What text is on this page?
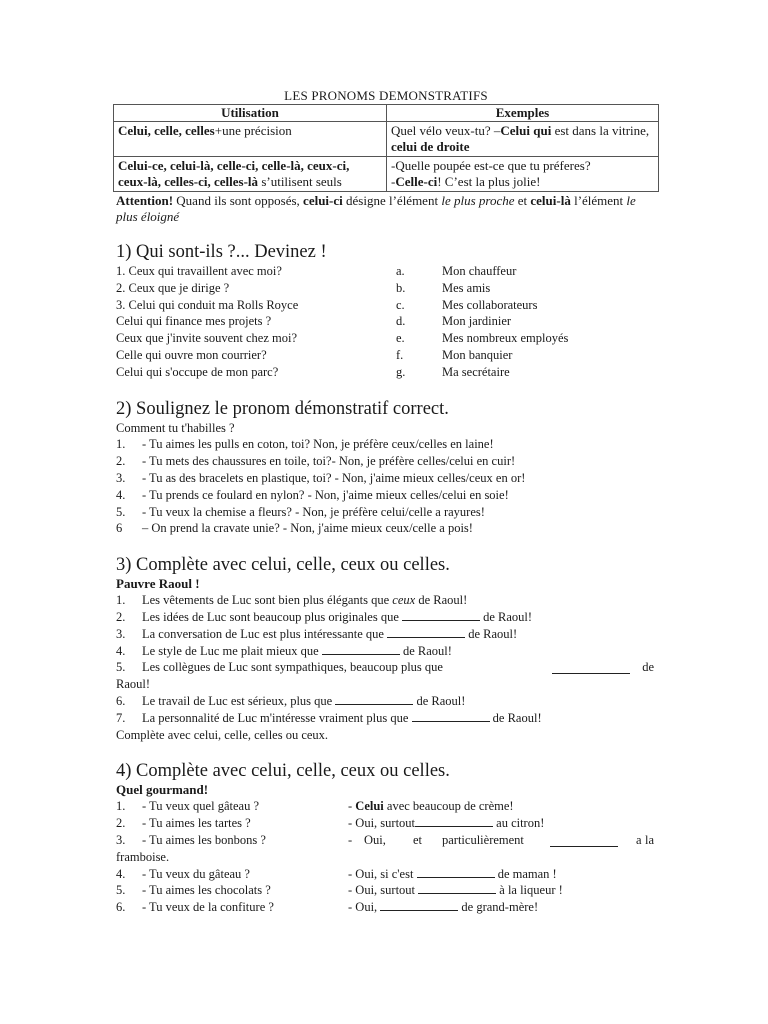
LES PRONOMS DEMONSTRATIFS
Utilisation	Exemples
Celui, celle, celles+une précision	Quel vélo veux-tu? –Celui qui est dans la vitrine, celui de droite
Celui-ce, celui-là, celle-ci, celle-là, ceux-ci, ceux-là, celles-ci, celles-là s’utilisent seuls	-Quelle poupée est-ce que tu préferes?
-Celle-ci! C’est la plus jolie!
Attention! Quand ils sont opposés, celui-ci désigne l’élément le plus proche et celui-là l’élément le plus éloigné
1) Qui sont-ils ?... Devinez !
1. Ceux qui travaillent avec moi?	a.	Mon chauffeur
2. Ceux que je dirige ?	b.	Mes amis
3. Celui qui conduit ma Rolls Royce	c.	Mes collaborateurs
Celui qui finance mes projets ?	d.	Mon jardinier
Ceux que j'invite souvent chez moi?	e.	Mes nombreux employés
Celle qui ouvre mon courrier?	f.	Mon banquier
Celui qui s'occupe de mon parc?	g.	Ma secrétaire
2) Soulignez le pronom démonstratif correct.
Comment tu t'habilles ?
1. - Tu aimes les pulls en coton, toi? Non, je préfère ceux/celles en laine!
2. - Tu mets des chaussures en toile, toi?- Non, je préfère celles/celui en cuir!
3. - Tu as des bracelets en plastique, toi? - Non, j'aime mieux celles/ceux en or!
4. - Tu prends ce foulard en nylon? - Non, j'aime mieux celles/celui en soie!
5. - Tu veux la chemise a fleurs? - Non, je préfère celui/celle a rayures!
6 – On prend la cravate unie? - Non, j'aime mieux ceux/celle a pois!
3) Complète avec celui, celle, ceux ou celles.
Pauvre Raoul !
1. Les vêtements de Luc sont bien plus élégants que ceux de Raoul!
2. Les idées de Luc sont beaucoup plus originales que	de Raoul!
3. La conversation de Luc est plus intéressante que	de Raoul!
4. Le style de Luc me plait mieux que	de Raoul!
5. Les collègues de Luc sont sympathiques, beaucoup plus que	de
Raoul!
6. Le travail de Luc est sérieux, plus que	de Raoul!
7. La personnalité de Luc m'intéresse vraiment plus que	de Raoul!
Complète avec celui, celle, celles ou ceux.
4) Complète avec celui, celle, ceux ou celles.
Quel gourmand!
1. - Tu veux quel gâteau ?	- Celui avec beaucoup de crème!
2. - Tu aimes les tartes ?	- Oui, surtout	au citron!
3. - Tu aimes les bonbons ?	- Oui, et particulièrement	a la
framboise.
4. - Tu veux du gâteau ?	- Oui, si c'est	de maman !
5. - Tu aimes les chocolats ?	- Oui, surtout	à la liqueur !
6. - Tu veux de la confiture ?	- Oui,	de grand-mère!
